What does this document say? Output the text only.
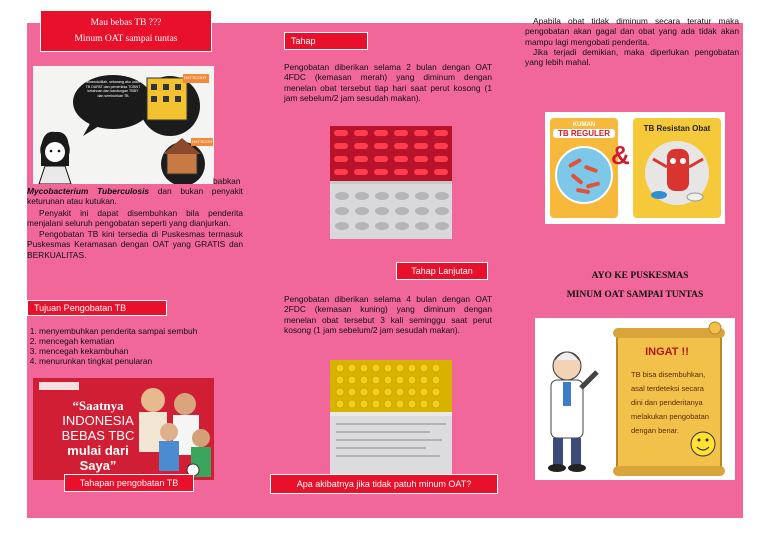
Mau bebas TB ???
Minum OAT sampai tuntas
alhamdulillah, sekarang aku udah TB DAPAT dan pemeriksa TOBNT ketahuan dan kandungan TBBY dan sembuhkan TB
HAT'SCONT
HAT'SCONT
babkan
Mycobacterium Tuberculosis dan bukan penyakit keturunan atau kutukan.
Penyakit ini dapat disembuhkan bila penderita menjalani seluruh pengobatan seperti yang dianjurkan.
Pengobatan TB kini tersedia di Puskesmas termasuk Puskesmas Keramasan dengan OAT yang GRATIS dan BERKUALITAS.
Tujuan Pengobatan TB
1. menyembuhkan penderita sampai sembuh
2. mencegah kematian
3. mencegah kekambuhan
4. menurunkan tingkat penularan
“Saatnya
INDONESIA
BEBAS TBC
mulai dari
Saya”
Tahapan pengobatan TB
Tahap
Pengobatan diberikan selama 2 bulan dengan OAT 4FDC (kemasan merah) yang diminum dengan menelan obat tersebut tiap hari saat perut kosong (1 jam sebelum/2 jam sesudah makan).
Tahap Lanjutan
Pengobatan diberikan selama 4 bulan dengan OAT 2FDC (kemasan kuning) yang diminum dengan menelan obat tersebut 3 kali seminggu saat perut kosong (1 jam sebelum/2 jam sesudah makan).
Apa akibatnya jika tidak patuh minum OAT?
Apabila obat tidak diminum secara teratur maka pengobatan akan gagal dan obat yang ada tidak akan mampu lagi mengobati penderita.
Jika terjadi demikian, maka diperlukan pengobatan yang lebih mahal.
KUMAN
TB REGULER
&
TB Resistan Obat
AYO KE PUSKESMAS
MINUM OAT SAMPAI TUNTAS
INGAT !!
TB bisa disembuhkan, asal terdeteksi secara dini dan penderitanya melakukan pengobatan dengan benar.
